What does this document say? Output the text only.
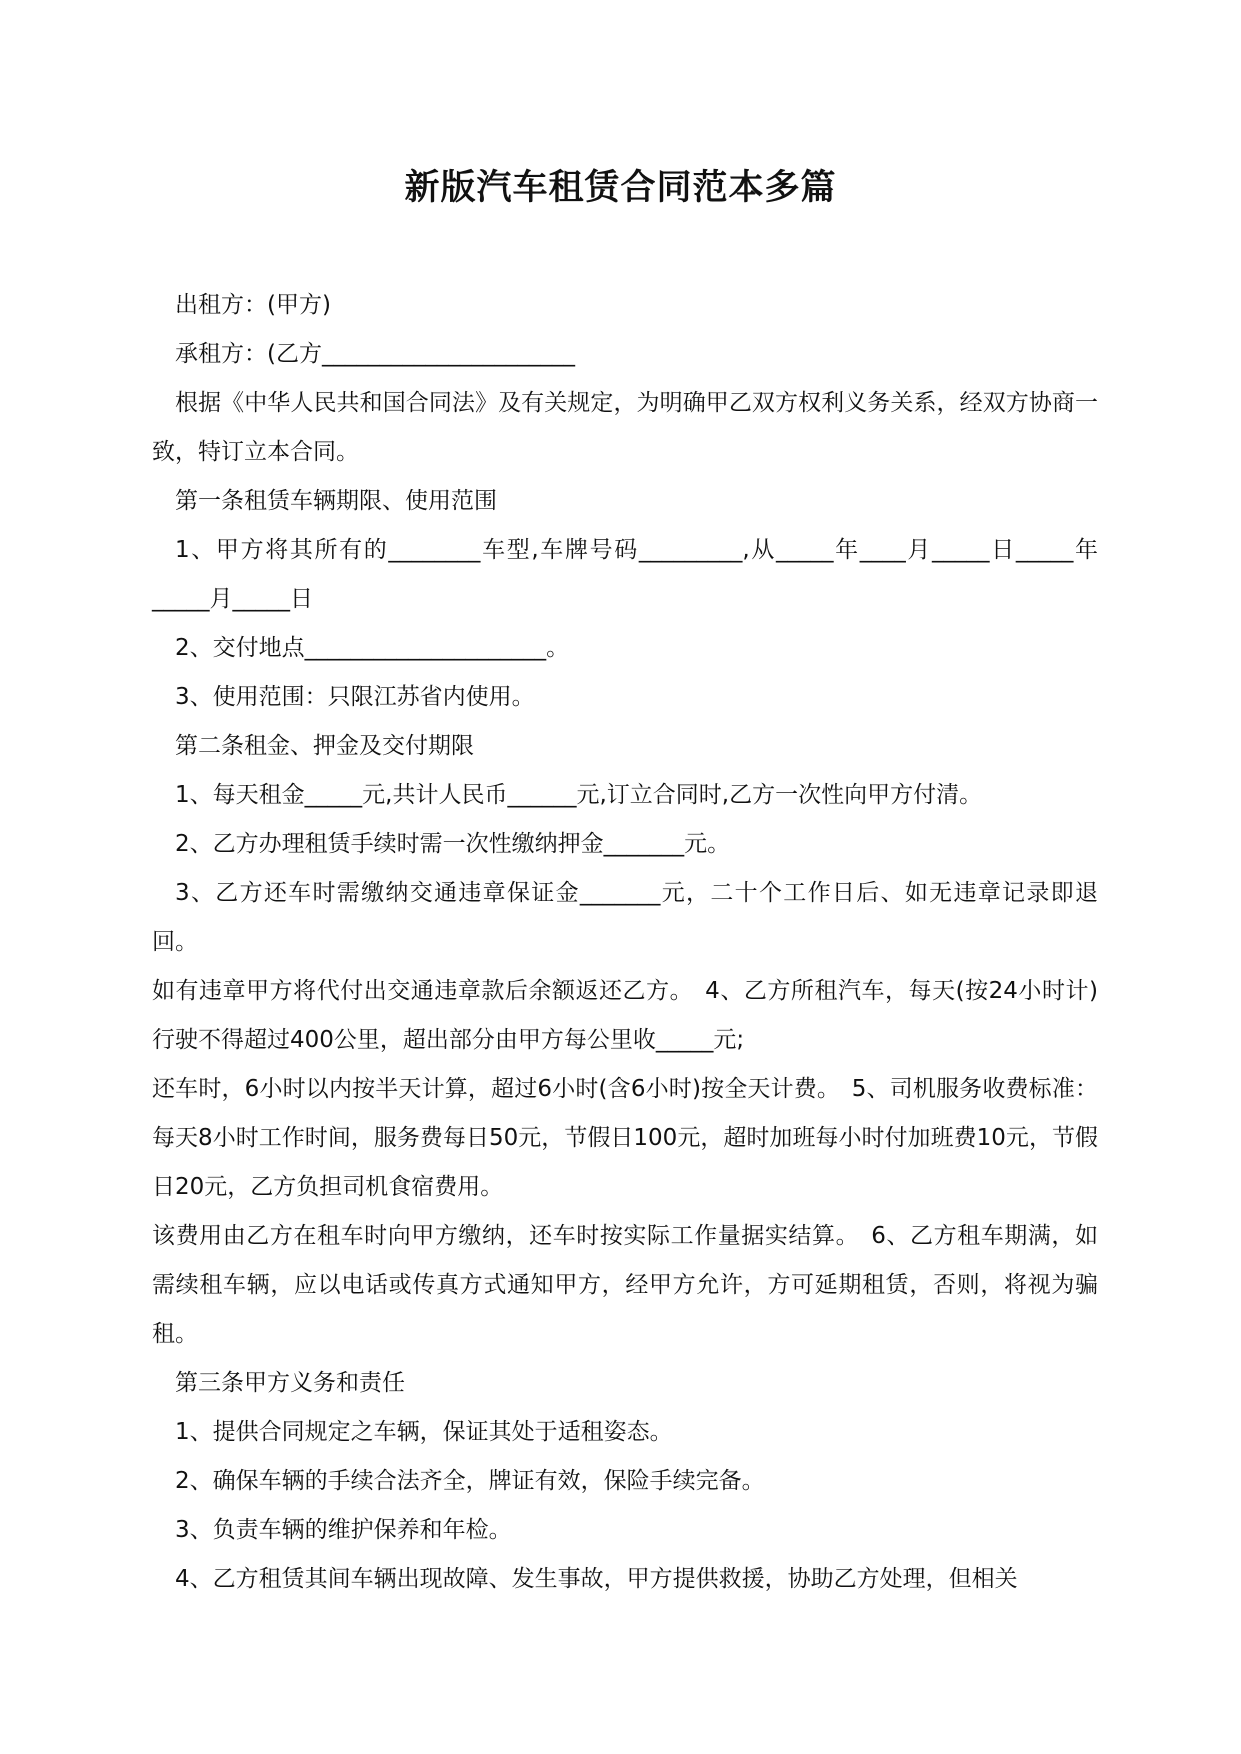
新版汽车租赁合同范本多篇

出租方：(甲方)

承租方：(乙方______________________

根据《中华人民共和国合同法》及有关规定，为明确甲乙双方权利义务关系，经双方协商一致，特订立本合同。

第一条租赁车辆期限、使用范围

1、甲方将其所有的________车型,车牌号码_________,从_____年____月_____日_____年_____月_____日

2、交付地点_____________________。

3、使用范围：只限江苏省内使用。

第二条租金、押金及交付期限

1、每天租金_____元,共计人民币______元,订立合同时,乙方一次性向甲方付清。

2、乙方办理租赁手续时需一次性缴纳押金_______元。

3、乙方还车时需缴纳交通违章保证金_______元，二十个工作日后、如无违章记录即退回。

如有违章甲方将代付出交通违章款后余额返还乙方。　4、乙方所租汽车，每天(按24小时计)行驶不得超过400公里，超出部分由甲方每公里收_____元;

还车时，6小时以内按半天计算，超过6小时(含6小时)按全天计费。　5、司机服务收费标准：每天8小时工作时间，服务费每日50元，节假日100元，超时加班每小时付加班费10元，节假日20元，乙方负担司机食宿费用。

该费用由乙方在租车时向甲方缴纳，还车时按实际工作量据实结算。　6、乙方租车期满，如需续租车辆，应以电话或传真方式通知甲方，经甲方允许，方可延期租赁，否则，将视为骗租。

第三条甲方义务和责任

1、提供合同规定之车辆，保证其处于适租姿态。

2、确保车辆的手续合法齐全，牌证有效，保险手续完备。

3、负责车辆的维护保养和年检。

4、乙方租赁其间车辆出现故障、发生事故，甲方提供救援，协助乙方处理，但相关
